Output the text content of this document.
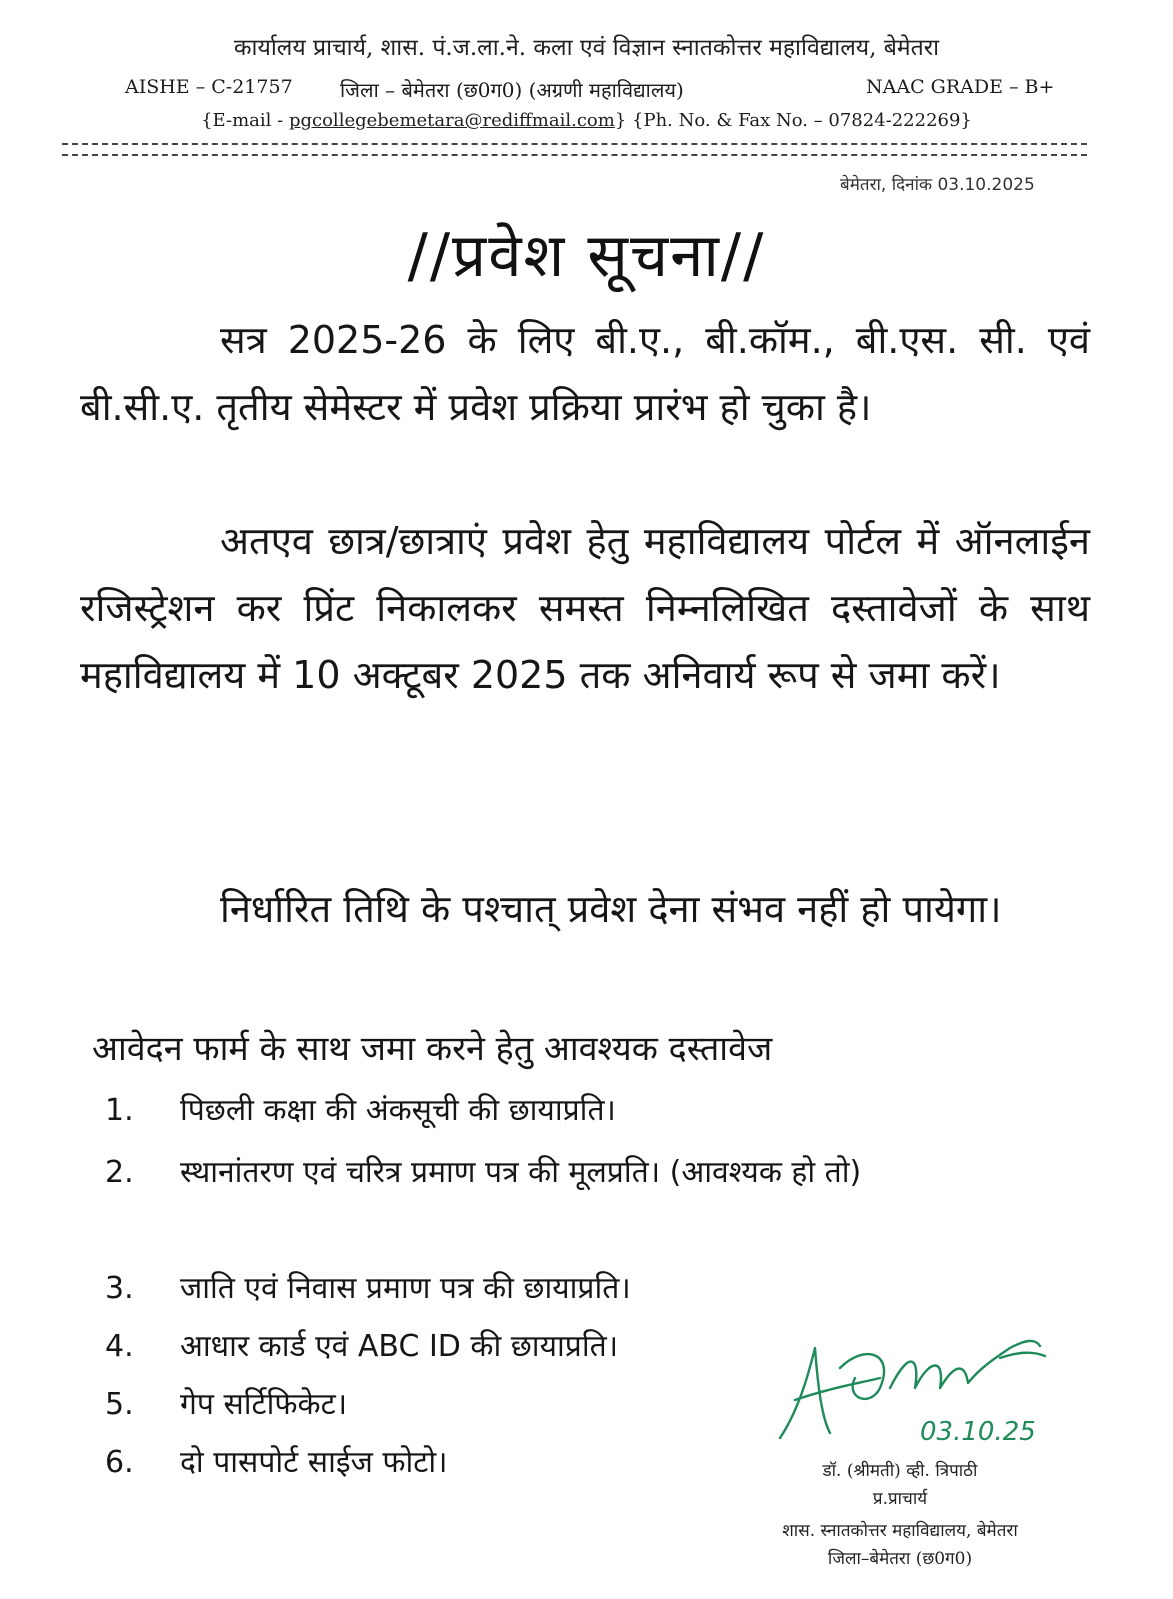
कार्यालय प्राचार्य, शास. पं.ज.ला.ने. कला एवं विज्ञान स्नातकोत्तर महाविद्यालय, बेमेतरा
AISHE – C-21757 जिला – बेमेतरा (छ0ग0) (अग्रणी महाविद्यालय)	NAAC GRADE – B+
{E-mail - pgcollegebemetara@rediffmail.com} {Ph. No. & Fax No. – 07824-222269}
बेमेतरा, दिनांक 03.10.2025
//प्रवेश सूचना//
सत्र 2025-26 के लिए बी.ए., बी.कॉम., बी.एस. सी. एवं बी.सी.ए. तृतीय सेमेस्टर में प्रवेश प्रक्रिया प्रारंभ हो चुका है।
अतएव छात्र/छात्राएं प्रवेश हेतु महाविद्यालय पोर्टल में ऑनलाईन रजिस्ट्रेशन कर प्रिंट निकालकर समस्त निम्नलिखित दस्तावेजों के साथ महाविद्यालय में 10 अक्टूबर 2025 तक अनिवार्य रूप से जमा करें।
निर्धारित तिथि के पश्चात् प्रवेश देना संभव नहीं हो पायेगा।
आवेदन फार्म के साथ जमा करने हेतु आवश्यक दस्तावेज
1.	पिछली कक्षा की अंकसूची की छायाप्रति।
2.	स्थानांतरण एवं चरित्र प्रमाण पत्र की मूलप्रति। (आवश्यक हो तो)
3.	जाति एवं निवास प्रमाण पत्र की छायाप्रति।
4.	आधार कार्ड एवं ABC ID की छायाप्रति।
5.	गेप सर्टिफिकेट।
6.	दो पासपोर्ट साईज फोटो।
03.10.25
डॉ. (श्रीमती) व्ही. त्रिपाठी
प्र.प्राचार्य
शास. स्नातकोत्तर महाविद्यालय, बेमेतरा
जिला–बेमेतरा (छ0ग0)
